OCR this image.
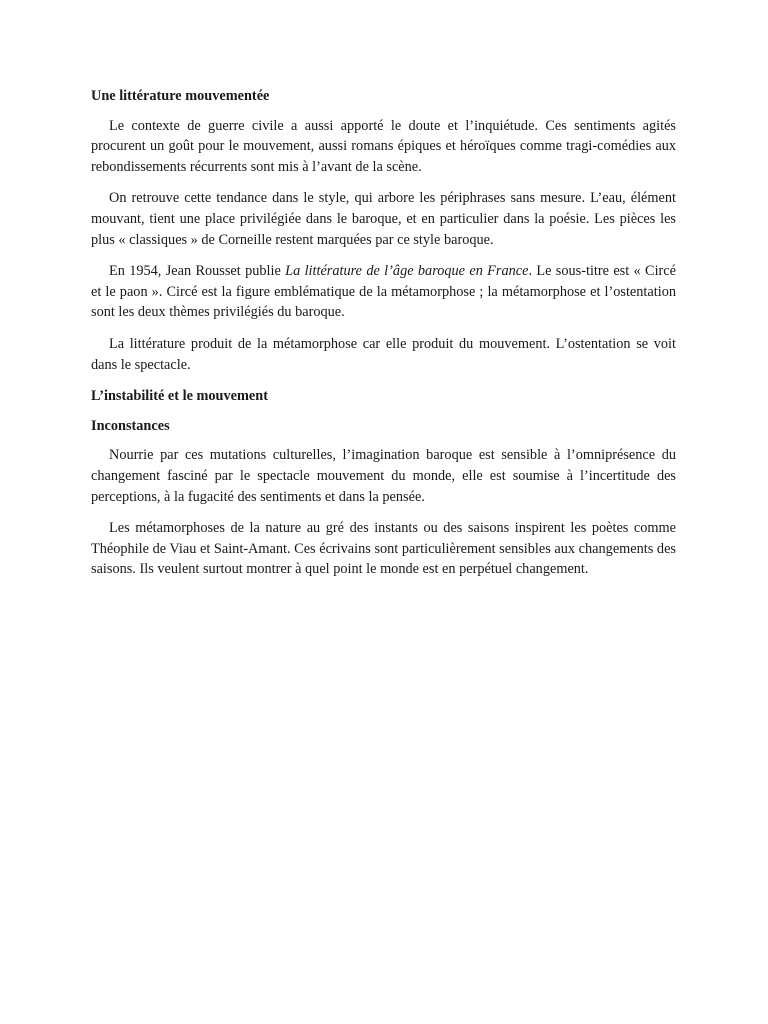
Une littérature mouvementée

Le contexte de guerre civile a aussi apporté le doute et l’inquiétude. Ces sentiments agités procurent un goût pour le mouvement, aussi romans épiques et héroïques comme tragi-comédies aux rebondissements récurrents sont mis à l’avant de la scène.

On retrouve cette tendance dans le style, qui arbore les périphrases sans mesure. L’eau, élément mouvant, tient une place privilégiée dans le baroque, et en particulier dans la poésie. Les pièces les plus « classiques » de Corneille restent marquées par ce style baroque.

En 1954, Jean Rousset publie La littérature de l’âge baroque en France. Le sous-titre est « Circé et le paon ». Circé est la figure emblématique de la métamorphose ; la métamorphose et l’ostentation sont les deux thèmes privilégiés du baroque.

La littérature produit de la métamorphose car elle produit du mouvement. L’ostentation se voit dans le spectacle.

L’instabilité et le mouvement

Inconstances

Nourrie par ces mutations culturelles, l’imagination baroque est sensible à l’omniprésence du changement fasciné par le spectacle mouvement du monde, elle est soumise à l’incertitude des perceptions, à la fugacité des sentiments et dans la pensée.

Les métamorphoses de la nature au gré des instants ou des saisons inspirent les poètes comme Théophile de Viau et Saint-Amant. Ces écrivains sont particulièrement sensibles aux changements des saisons. Ils veulent surtout montrer à quel point le monde est en perpétuel changement.
